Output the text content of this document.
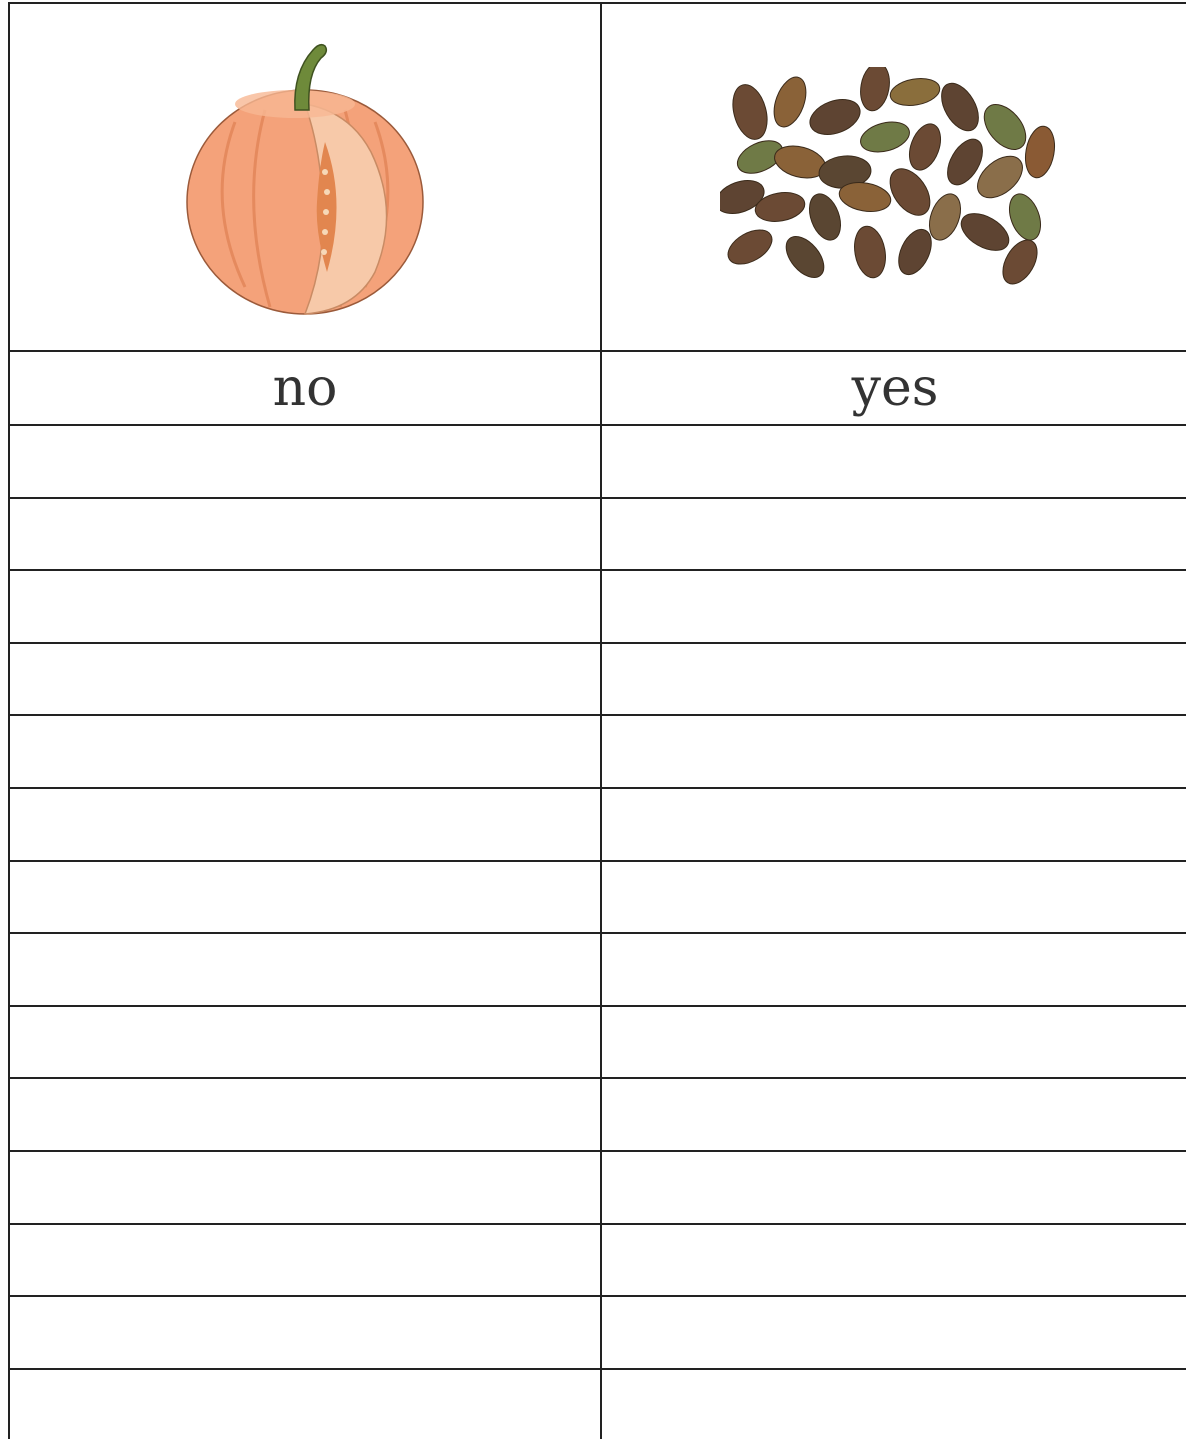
no	yes
